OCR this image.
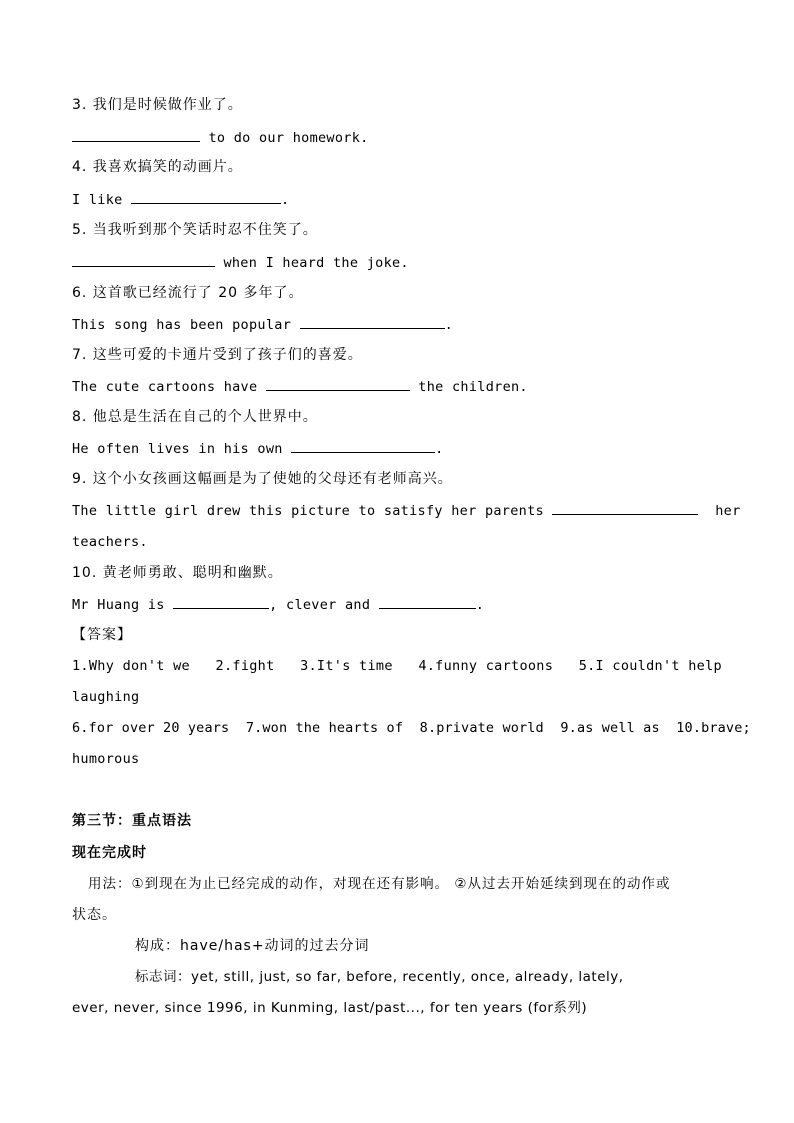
3. 我们是时候做作业了。
to do our homework.
4. 我喜欢搞笑的动画片。
I like	.
5. 当我听到那个笑话时忍不住笑了。
when I heard the joke.
6. 这首歌已经流行了 20 多年了。
This song has been popular	.
7. 这些可爱的卡通片受到了孩子们的喜爱。
The cute cartoons have	the children.
8. 他总是生活在自己的个人世界中。
He often lives in his own	.
9. 这个小女孩画这幅画是为了使她的父母还有老师高兴。
The little girl drew this picture to satisfy her parents	her
teachers.
10. 黄老师勇敢、聪明和幽默。
Mr Huang is	, clever and	.
【答案】
1.Why don't we 2.fight 3.It's time 4.funny cartoons 5.I couldn't help
laughing
6.for over 20 years  7.won the hearts of  8.private world  9.as well as  10.brave;
humorous
第三节：重点语法
现在完成时
用法：①到现在为止已经完成的动作，对现在还有影响。 ②从过去开始延续到现在的动作或
状态。
构成：have/has+动词的过去分词
标志词：yet, still, just, so far, before, recently, once, already, lately,
ever, never, since 1996, in Kunming, last/past..., for ten years (for系列)
